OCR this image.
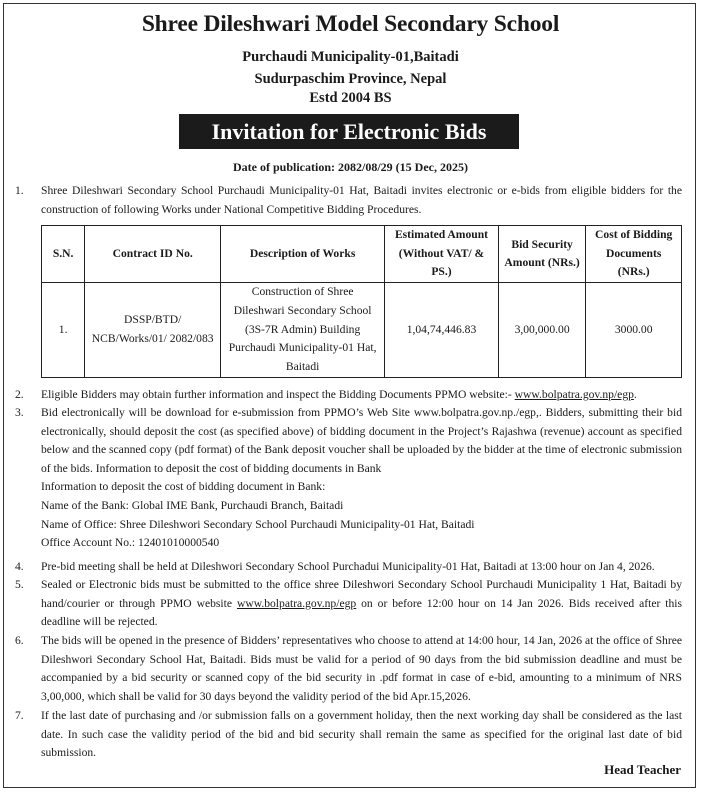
Shree Dileshwari Model Secondary School
Purchaudi Municipality-01,Baitadi
Sudurpaschim Province, Nepal
Estd 2004 BS
Invitation for Electronic Bids
Date of publication: 2082/08/29 (15 Dec, 2025)
1. Shree Dileshwari Secondary School Purchaudi Municipality-01 Hat, Baitadi invites electronic or e-bids from eligible bidders for the construction of following Works under National Competitive Bidding Procedures.
S.N.	Contract ID No.	Description of Works	Estimated Amount (Without VAT/ & PS.)	Bid Security Amount (NRs.)	Cost of Bidding Documents (NRs.)
1.	DSSP/BTD/ NCB/Works/01/ 2082/083	Construction of Shree Dileshwari Secondary School (3S-7R Admin) Building Purchaudi Municipality-01 Hat, Baitadi	1,04,74,446.83	3,00,000.00	3000.00
2. Eligible Bidders may obtain further information and inspect the Bidding Documents PPMO website:- www.bolpatra.gov.np/egp.
3. Bid electronically will be download for e-submission from PPMO’s Web Site www.bolpatra.gov.np./egp,. Bidders, submitting their bid electronically, should deposit the cost (as specified above) of bidding document in the Project’s Rajashwa (revenue) account as specified below and the scanned copy (pdf format) of the Bank deposit voucher shall be uploaded by the bidder at the time of electronic submission of the bids. Information to deposit the cost of bidding documents in Bank
Information to deposit the cost of bidding document in Bank:
Name of the Bank: Global IME Bank, Purchaudi Branch, Baitadi
Name of Office: Shree Dileshwori Secondary School Purchaudi Municipality-01 Hat, Baitadi
Office Account No.: 12401010000540
4. Pre-bid meeting shall be held at Dileshwori Secondary School Purchadui Municipality-01 Hat, Baitadi at 13:00 hour on Jan 4, 2026.
5. Sealed or Electronic bids must be submitted to the office shree Dileshwori Secondary School Purchaudi Municipality 1 Hat, Baitadi by hand/courier or through PPMO website www.bolpatra.gov.np/egp on or before 12:00 hour on 14 Jan 2026. Bids received after this deadline will be rejected.
6. The bids will be opened in the presence of Bidders’ representatives who choose to attend at 14:00 hour, 14 Jan, 2026 at the office of Shree Dileshwori Secondary School Hat, Baitadi. Bids must be valid for a period of 90 days from the bid submission deadline and must be accompanied by a bid security or scanned copy of the bid security in .pdf format in case of e-bid, amounting to a minimum of NRS 3,00,000, which shall be valid for 30 days beyond the validity period of the bid Apr.15,2026.
7. If the last date of purchasing and /or submission falls on a government holiday, then the next working day shall be considered as the last date. In such case the validity period of the bid and bid security shall remain the same as specified for the original last date of bid submission.
Head Teacher
